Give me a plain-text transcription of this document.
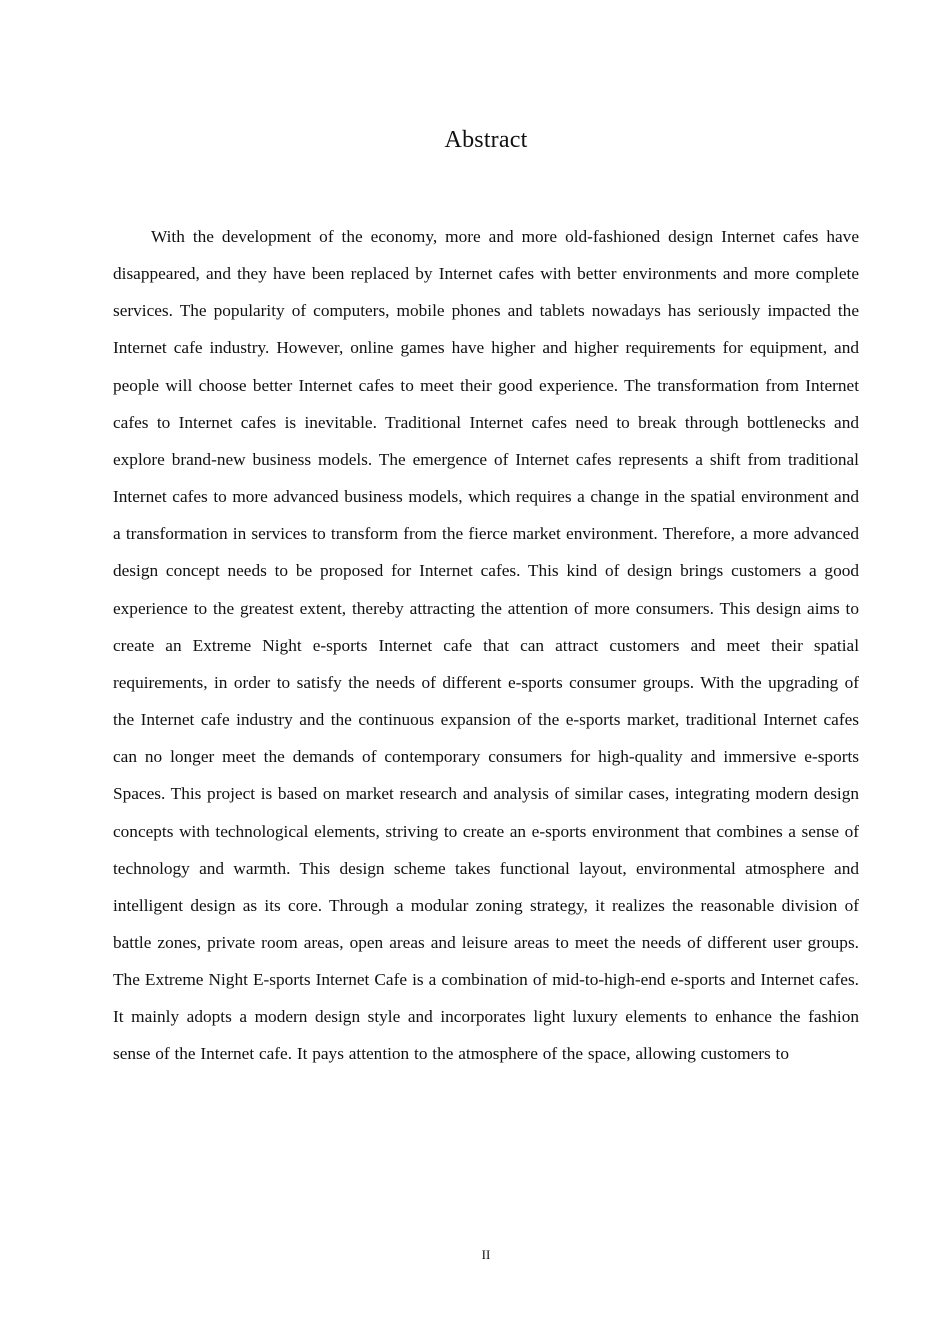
Abstract

With the development of the economy, more and more old-fashioned design Internet cafes have disappeared, and they have been replaced by Internet cafes with better environments and more complete services. The popularity of computers, mobile phones and tablets nowadays has seriously impacted the Internet cafe industry. However, online games have higher and higher requirements for equipment, and people will choose better Internet cafes to meet their good experience. The transformation from Internet cafes to Internet cafes is inevitable. Traditional Internet cafes need to break through bottlenecks and explore brand-new business models. The emergence of Internet cafes represents a shift from traditional Internet cafes to more advanced business models, which requires a change in the spatial environment and a transformation in services to transform from the fierce market environment. Therefore, a more advanced design concept needs to be proposed for Internet cafes. This kind of design brings customers a good experience to the greatest extent, thereby attracting the attention of more consumers. This design aims to create an Extreme Night e-sports Internet cafe that can attract customers and meet their spatial requirements, in order to satisfy the needs of different e-sports consumer groups. With the upgrading of the Internet cafe industry and the continuous expansion of the e-sports market, traditional Internet cafes can no longer meet the demands of contemporary consumers for high-quality and immersive e-sports Spaces. This project is based on market research and analysis of similar cases, integrating modern design concepts with technological elements, striving to create an e-sports environment that combines a sense of technology and warmth. This design scheme takes functional layout, environmental atmosphere and intelligent design as its core. Through a modular zoning strategy, it realizes the reasonable division of battle zones, private room areas, open areas and leisure areas to meet the needs of different user groups. The Extreme Night E-sports Internet Cafe is a combination of mid-to-high-end e-sports and Internet cafes. It mainly adopts a modern design style and incorporates light luxury elements to enhance the fashion sense of the Internet cafe. It pays attention to the atmosphere of the space, allowing customers to

II
